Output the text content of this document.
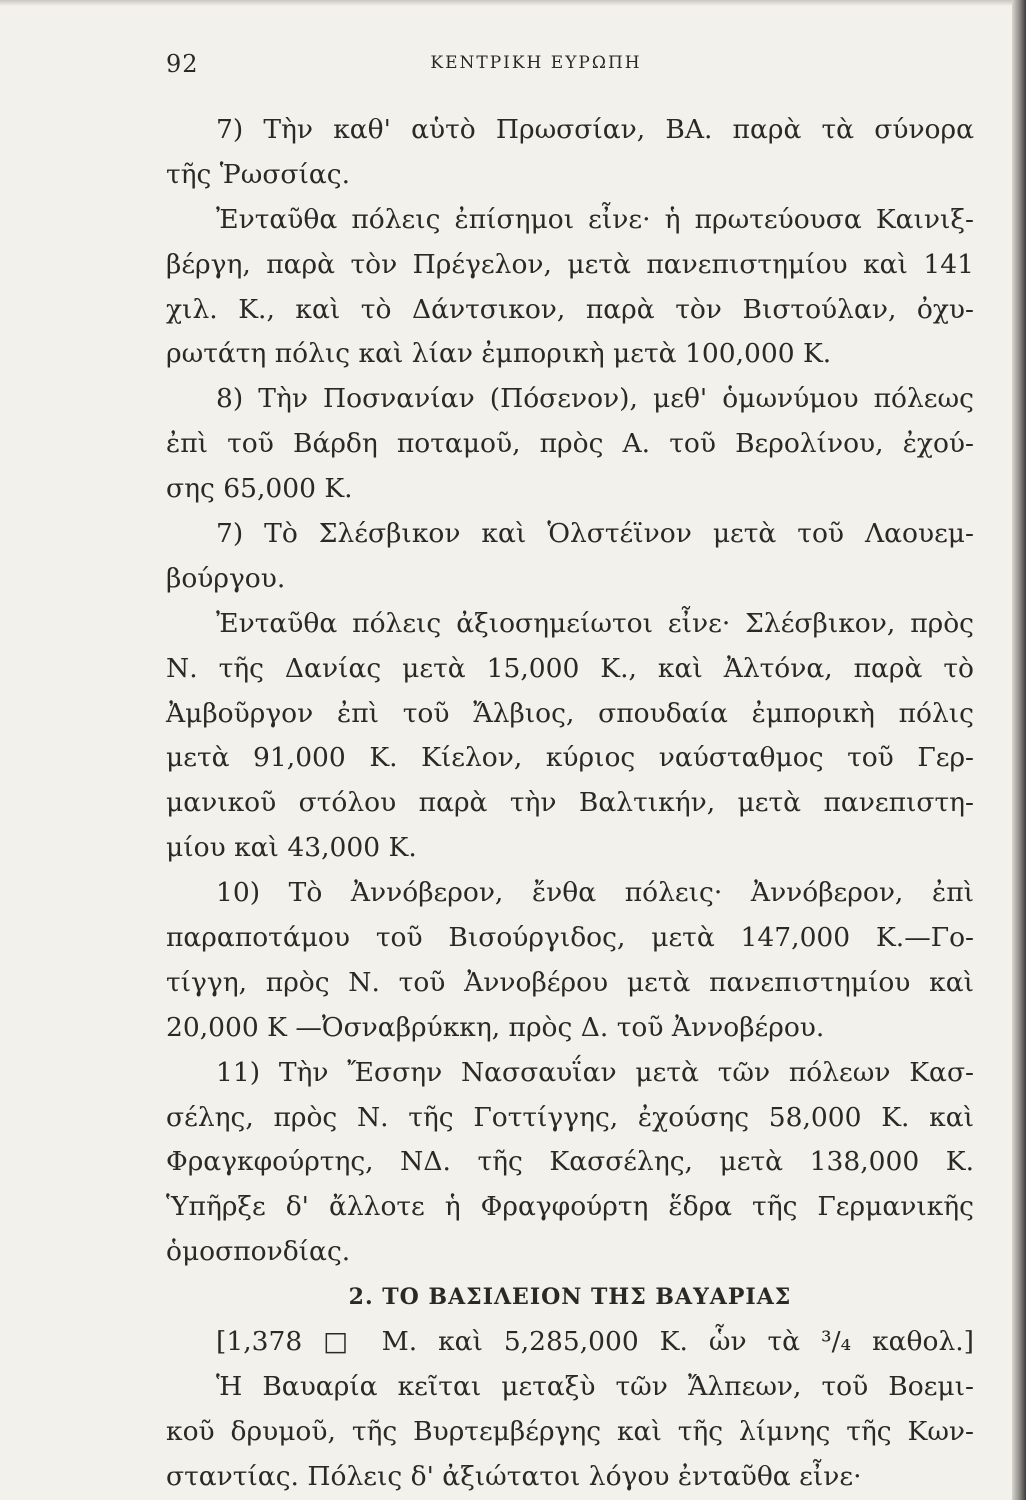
92	ΚΕΝΤΡΙΚΗ ΕΥΡΩΠΗ
7) Τὴν καθ' αὑτὸ Πρωσσίαν, ΒΑ. παρὰ τὰ σύνορα
τῆς Ῥωσσίας.
Ἐνταῦθα πόλεις ἐπίσημοι εἶνε· ἡ πρωτεύουσα Καινιξ-
βέργη, παρὰ τὸν Πρέγελον, μετὰ πανεπιστημίου καὶ 141
χιλ. Κ., καὶ τὸ Δάντσικον, παρὰ τὸν Βιστούλαν, ὀχυ-
ρωτάτη πόλις καὶ λίαν ἐμπορικὴ μετὰ 100,000 Κ.
8) Τὴν Ποσνανίαν (Πόσενον), μεθ' ὁμωνύμου πόλεως
ἐπὶ τοῦ Βάρδη ποταμοῦ, πρὸς Α. τοῦ Βερολίνου, ἐχού-
σης 65,000 Κ.
7) Τὸ Σλέσβικον καὶ Ὁλστέϊνον μετὰ τοῦ Λαουεμ-
βούργου.
Ἐνταῦθα πόλεις ἀξιοσημείωτοι εἶνε· Σλέσβικον, πρὸς
Ν. τῆς Δανίας μετὰ 15,000 Κ., καὶ Ἀλτόνα, παρὰ τὸ
Ἀμβοῦργον ἐπὶ τοῦ Ἄλβιος, σπουδαία ἐμπορικὴ πόλις
μετὰ 91,000 Κ. Κίελον, κύριος ναύσταθμος τοῦ Γερ-
μανικοῦ στόλου παρὰ τὴν Βαλτικήν, μετὰ πανεπιστη-
μίου καὶ 43,000 Κ.
10) Τὸ Ἀννόβερον, ἔνθα πόλεις· Ἀννόβερον, ἐπὶ
παραποτάμου τοῦ Βισούργιδος, μετὰ 147,000 Κ.—Γο-
τίγγη, πρὸς Ν. τοῦ Ἀννοβέρου μετὰ πανεπιστημίου καὶ
20,000 Κ —Ὀσναβρύκκη, πρὸς Δ. τοῦ Ἀννοβέρου.
11) Τὴν Ἔσσην Νασσαυΐαν μετὰ τῶν πόλεων Κασ-
σέλης, πρὸς Ν. τῆς Γοττίγγης, ἐχούσης 58,000 Κ. καὶ
Φραγκφούρτης, ΝΔ. τῆς Κασσέλης, μετὰ 138,000 Κ.
Ὑπῆρξε δ' ἄλλοτε ἡ Φραγφούρτη ἕδρα τῆς Γερμανικῆς
ὁμοσπονδίας.
2. ΤΟ ΒΑΣΙΛΕΙΟΝ ΤΗΣ ΒΑΥΑΡΙΑΣ
[1,378 □ Μ. καὶ 5,285,000 Κ. ὧν τὰ ³/₄ καθολ.]
Ἡ Βαυαρία κεῖται μεταξὺ τῶν Ἄλπεων, τοῦ Βοεμι-
κοῦ δρυμοῦ, τῆς Βυρτεμβέργης καὶ τῆς λίμνης τῆς Κων-
σταντίας. Πόλεις δ' ἀξιώτατοι λόγου ἐνταῦθα εἶνε·
